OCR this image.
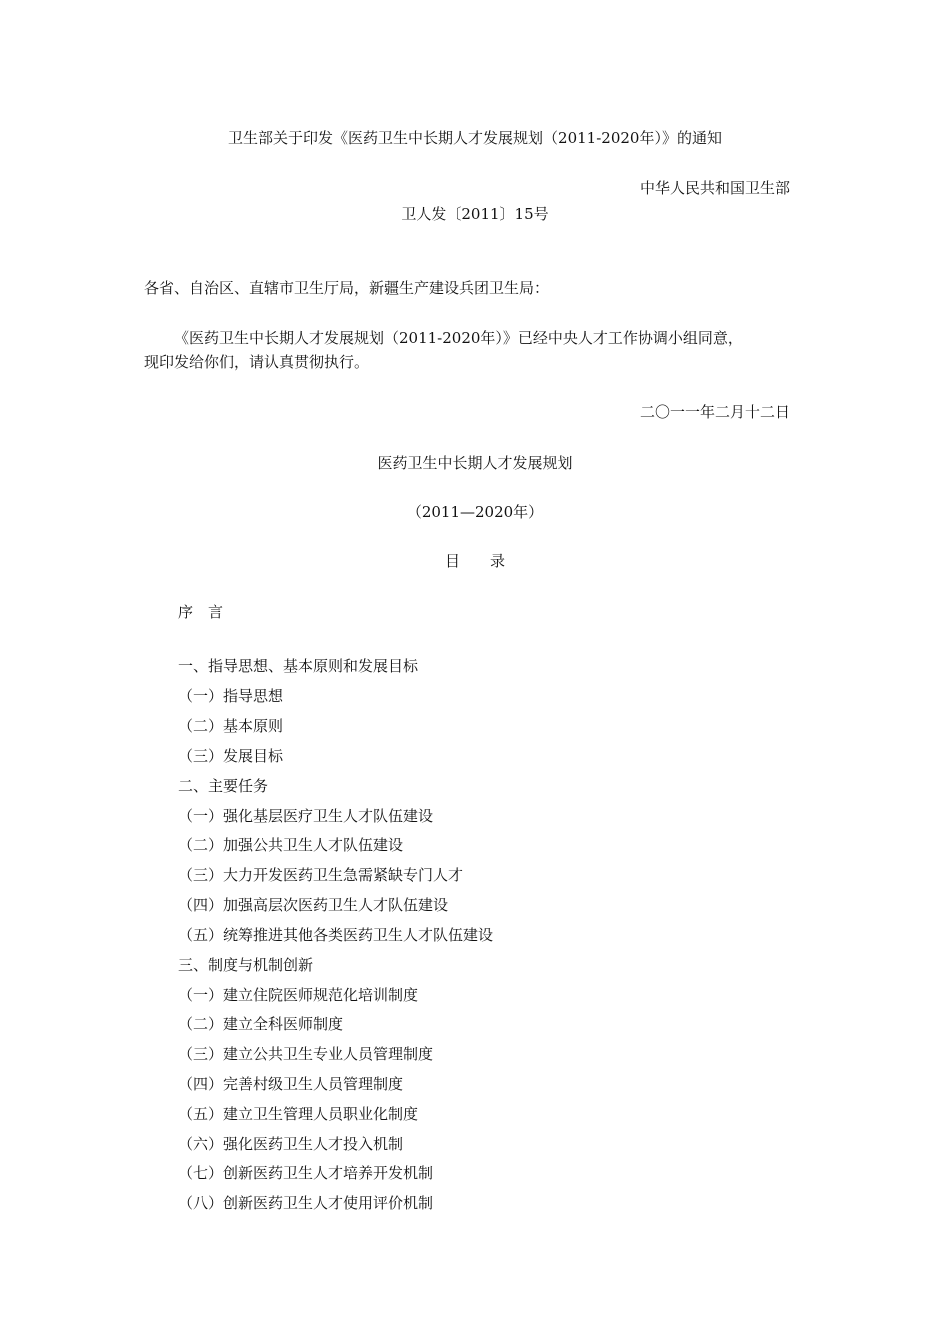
卫生部关于印发《医药卫生中长期人才发展规划（2011-2020年）》的通知
中华人民共和国卫生部
卫人发〔2011〕15号
各省、自治区、直辖市卫生厅局，新疆生产建设兵团卫生局：
《医药卫生中长期人才发展规划（2011-2020年）》已经中央人才工作协调小组同意，
现印发给你们，请认真贯彻执行。
二〇一一年二月十二日
医药卫生中长期人才发展规划
（2011—2020年）
目　　录
序　言
一、指导思想、基本原则和发展目标
（一）指导思想
（二）基本原则
（三）发展目标
二、主要任务
（一）强化基层医疗卫生人才队伍建设
（二）加强公共卫生人才队伍建设
（三）大力开发医药卫生急需紧缺专门人才
（四）加强高层次医药卫生人才队伍建设
（五）统筹推进其他各类医药卫生人才队伍建设
三、制度与机制创新
（一）建立住院医师规范化培训制度
（二）建立全科医师制度
（三）建立公共卫生专业人员管理制度
（四）完善村级卫生人员管理制度
（五）建立卫生管理人员职业化制度
（六）强化医药卫生人才投入机制
（七）创新医药卫生人才培养开发机制
（八）创新医药卫生人才使用评价机制
